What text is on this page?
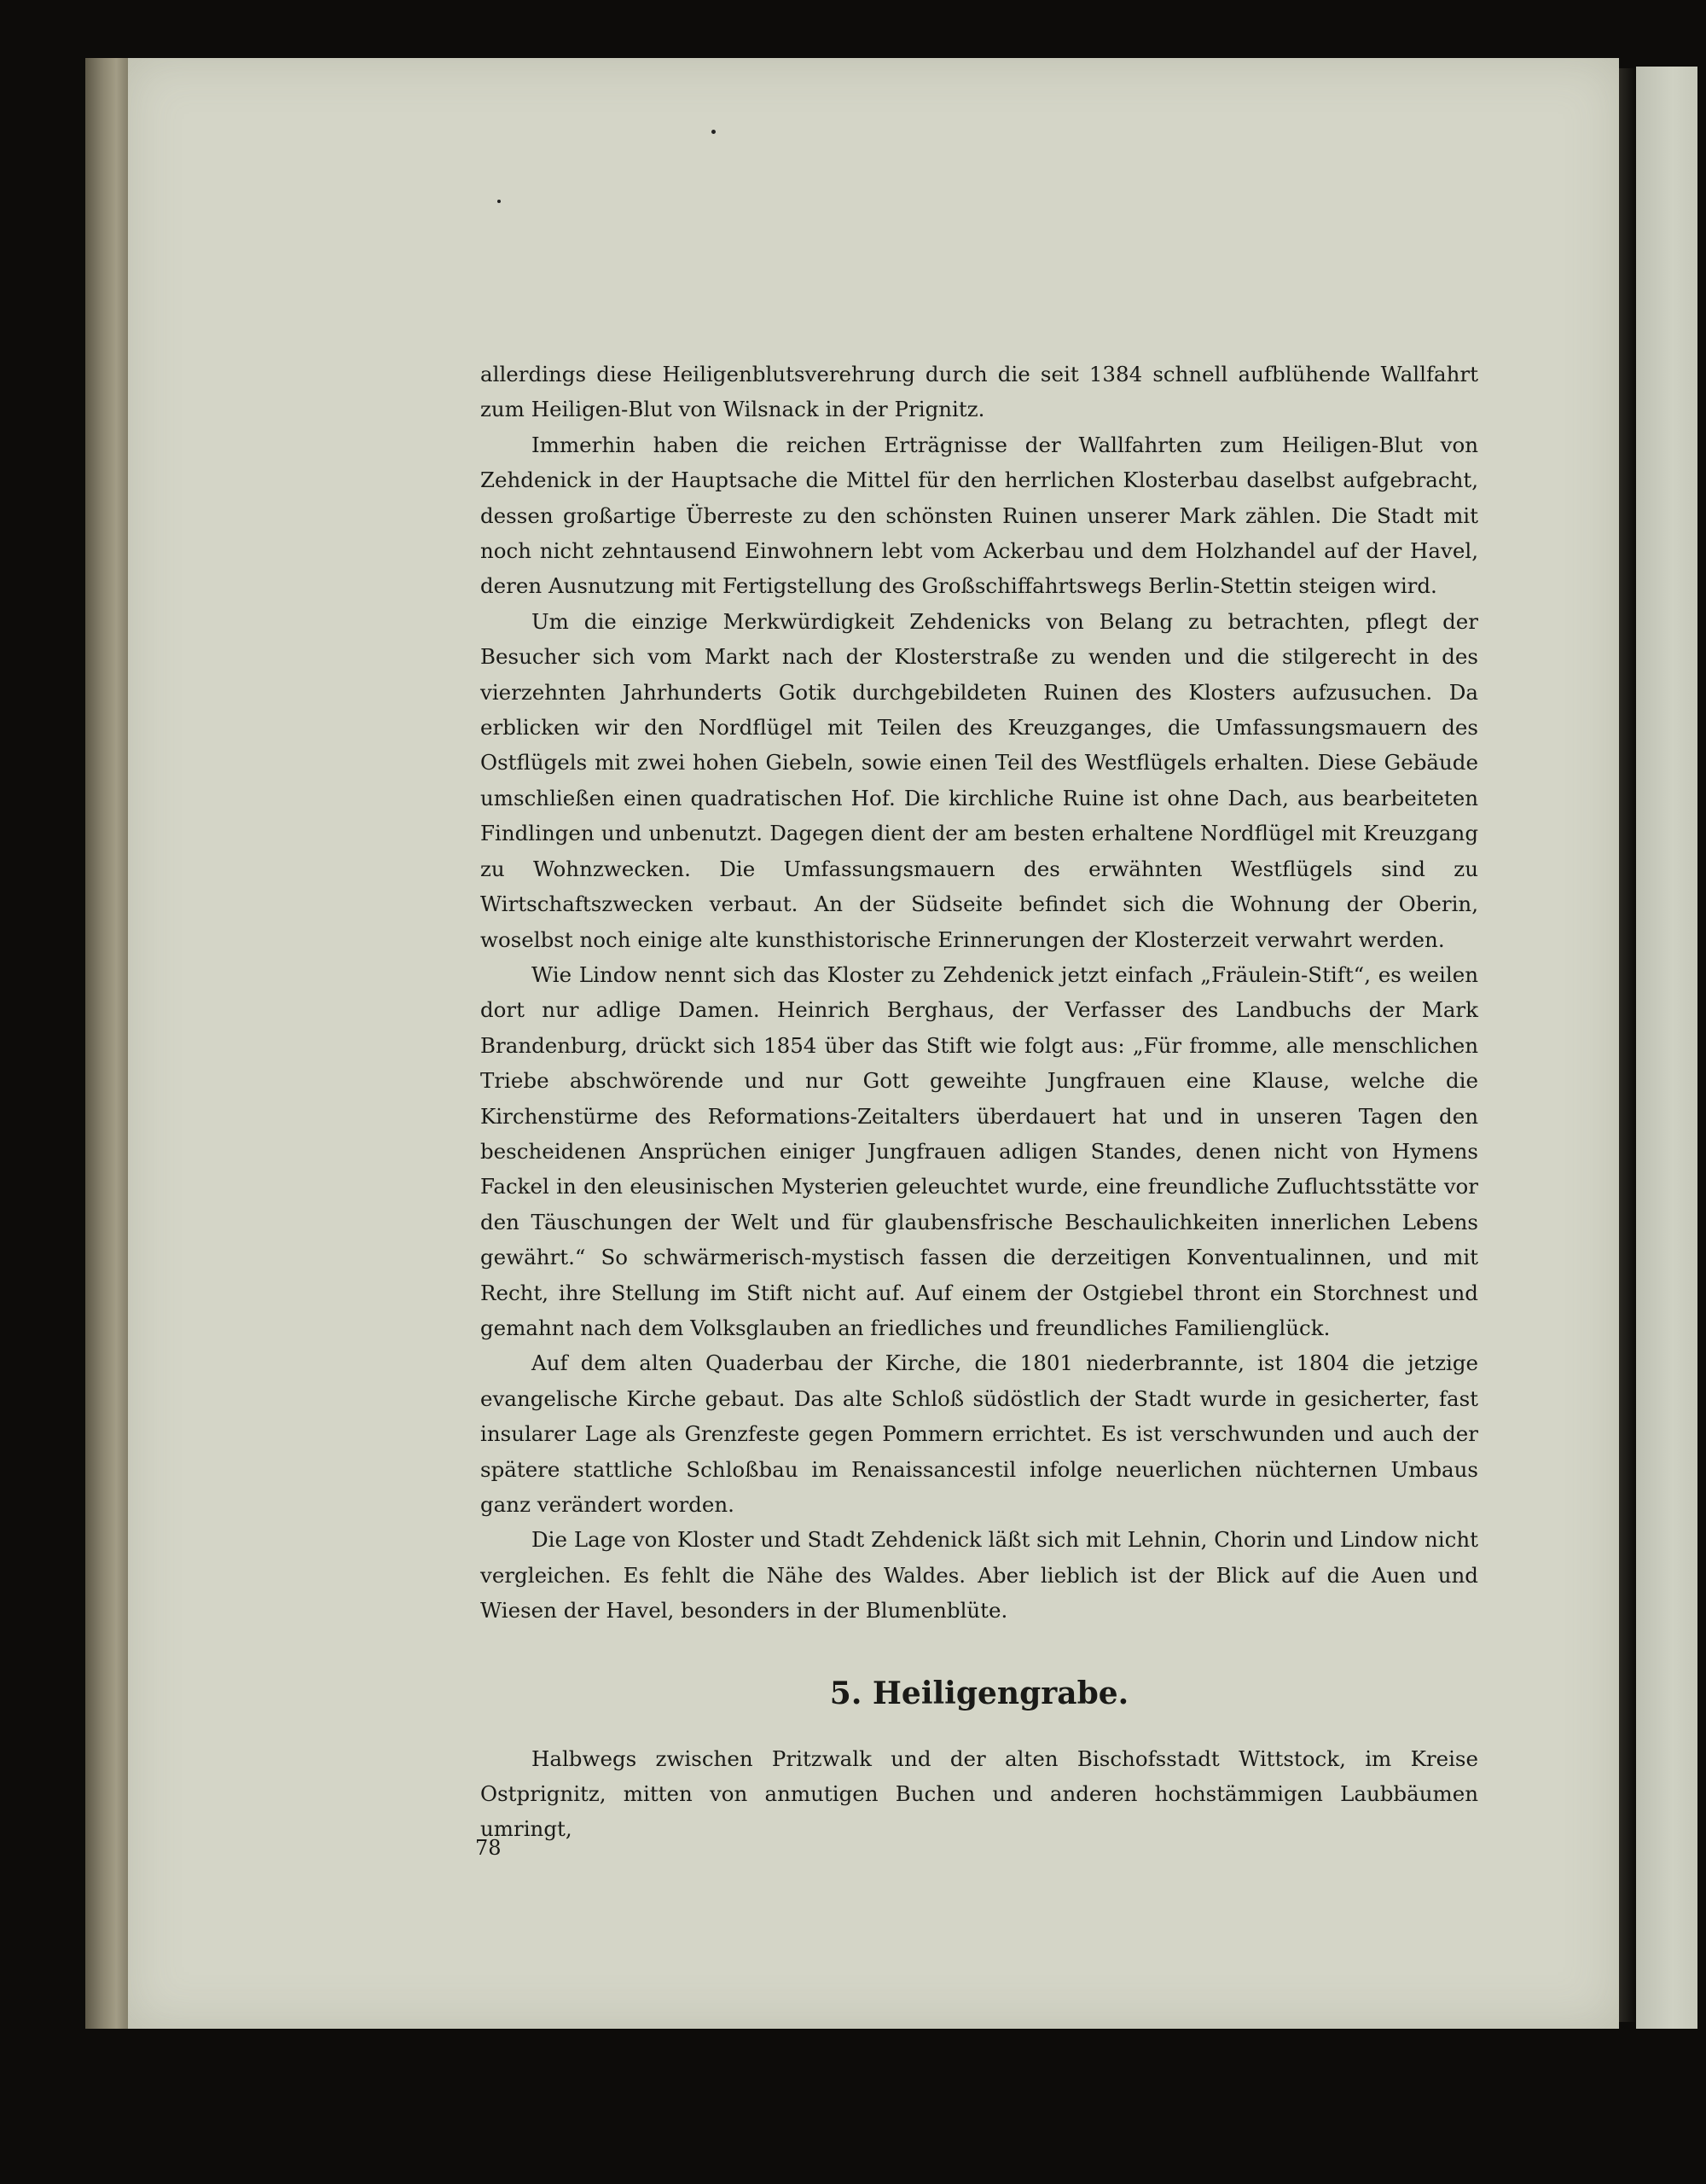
allerdings diese Heiligenblutsverehrung durch die seit 1384 schnell aufblühende Wallfahrt zum Heiligen-Blut von Wilsnack in der Prignitz.

Immerhin haben die reichen Erträgnisse der Wallfahrten zum Heiligen-Blut von Zehdenick in der Hauptsache die Mittel für den herrlichen Klosterbau daselbst aufgebracht, dessen großartige Überreste zu den schönsten Ruinen unserer Mark zählen. Die Stadt mit noch nicht zehntausend Einwohnern lebt vom Ackerbau und dem Holzhandel auf der Havel, deren Ausnutzung mit Fertigstellung des Großschiffahrtswegs Berlin-Stettin steigen wird.

Um die einzige Merkwürdigkeit Zehdenicks von Belang zu betrachten, pflegt der Besucher sich vom Markt nach der Klosterstraße zu wenden und die stilgerecht in des vierzehnten Jahrhunderts Gotik durchgebildeten Ruinen des Klosters aufzusuchen. Da erblicken wir den Nordflügel mit Teilen des Kreuzganges, die Umfassungsmauern des Ostflügels mit zwei hohen Giebeln, sowie einen Teil des Westflügels erhalten. Diese Gebäude umschließen einen quadratischen Hof. Die kirchliche Ruine ist ohne Dach, aus bearbeiteten Findlingen und unbenutzt. Dagegen dient der am besten erhaltene Nordflügel mit Kreuzgang zu Wohnzwecken. Die Umfassungsmauern des erwähnten Westflügels sind zu Wirtschaftszwecken verbaut. An der Südseite befindet sich die Wohnung der Oberin, woselbst noch einige alte kunsthistorische Erinnerungen der Klosterzeit verwahrt werden.

Wie Lindow nennt sich das Kloster zu Zehdenick jetzt einfach „Fräulein-Stift“, es weilen dort nur adlige Damen. Heinrich Berghaus, der Verfasser des Landbuchs der Mark Brandenburg, drückt sich 1854 über das Stift wie folgt aus: „Für fromme, alle menschlichen Triebe abschwörende und nur Gott geweihte Jungfrauen eine Klause, welche die Kirchenstürme des Reformations-Zeitalters überdauert hat und in unseren Tagen den bescheidenen Ansprüchen einiger Jungfrauen adligen Standes, denen nicht von Hymens Fackel in den eleusinischen Mysterien geleuchtet wurde, eine freundliche Zufluchtsstätte vor den Täuschungen der Welt und für glaubensfrische Beschaulichkeiten innerlichen Lebens gewährt.“ So schwärmerisch-mystisch fassen die derzeitigen Konventualinnen, und mit Recht, ihre Stellung im Stift nicht auf. Auf einem der Ostgiebel thront ein Storchnest und gemahnt nach dem Volksglauben an friedliches und freundliches Familienglück.

Auf dem alten Quaderbau der Kirche, die 1801 niederbrannte, ist 1804 die jetzige evangelische Kirche gebaut. Das alte Schloß südöstlich der Stadt wurde in gesicherter, fast insularer Lage als Grenzfeste gegen Pommern errichtet. Es ist verschwunden und auch der spätere stattliche Schloßbau im Renaissancestil infolge neuerlichen nüchternen Umbaus ganz verändert worden.

Die Lage von Kloster und Stadt Zehdenick läßt sich mit Lehnin, Chorin und Lindow nicht vergleichen. Es fehlt die Nähe des Waldes. Aber lieblich ist der Blick auf die Auen und Wiesen der Havel, besonders in der Blumenblüte.

5. Heiligengrabe.

Halbwegs zwischen Pritzwalk und der alten Bischofsstadt Wittstock, im Kreise Ostprignitz, mitten von anmutigen Buchen und anderen hochstämmigen Laubbäumen umringt,

78
